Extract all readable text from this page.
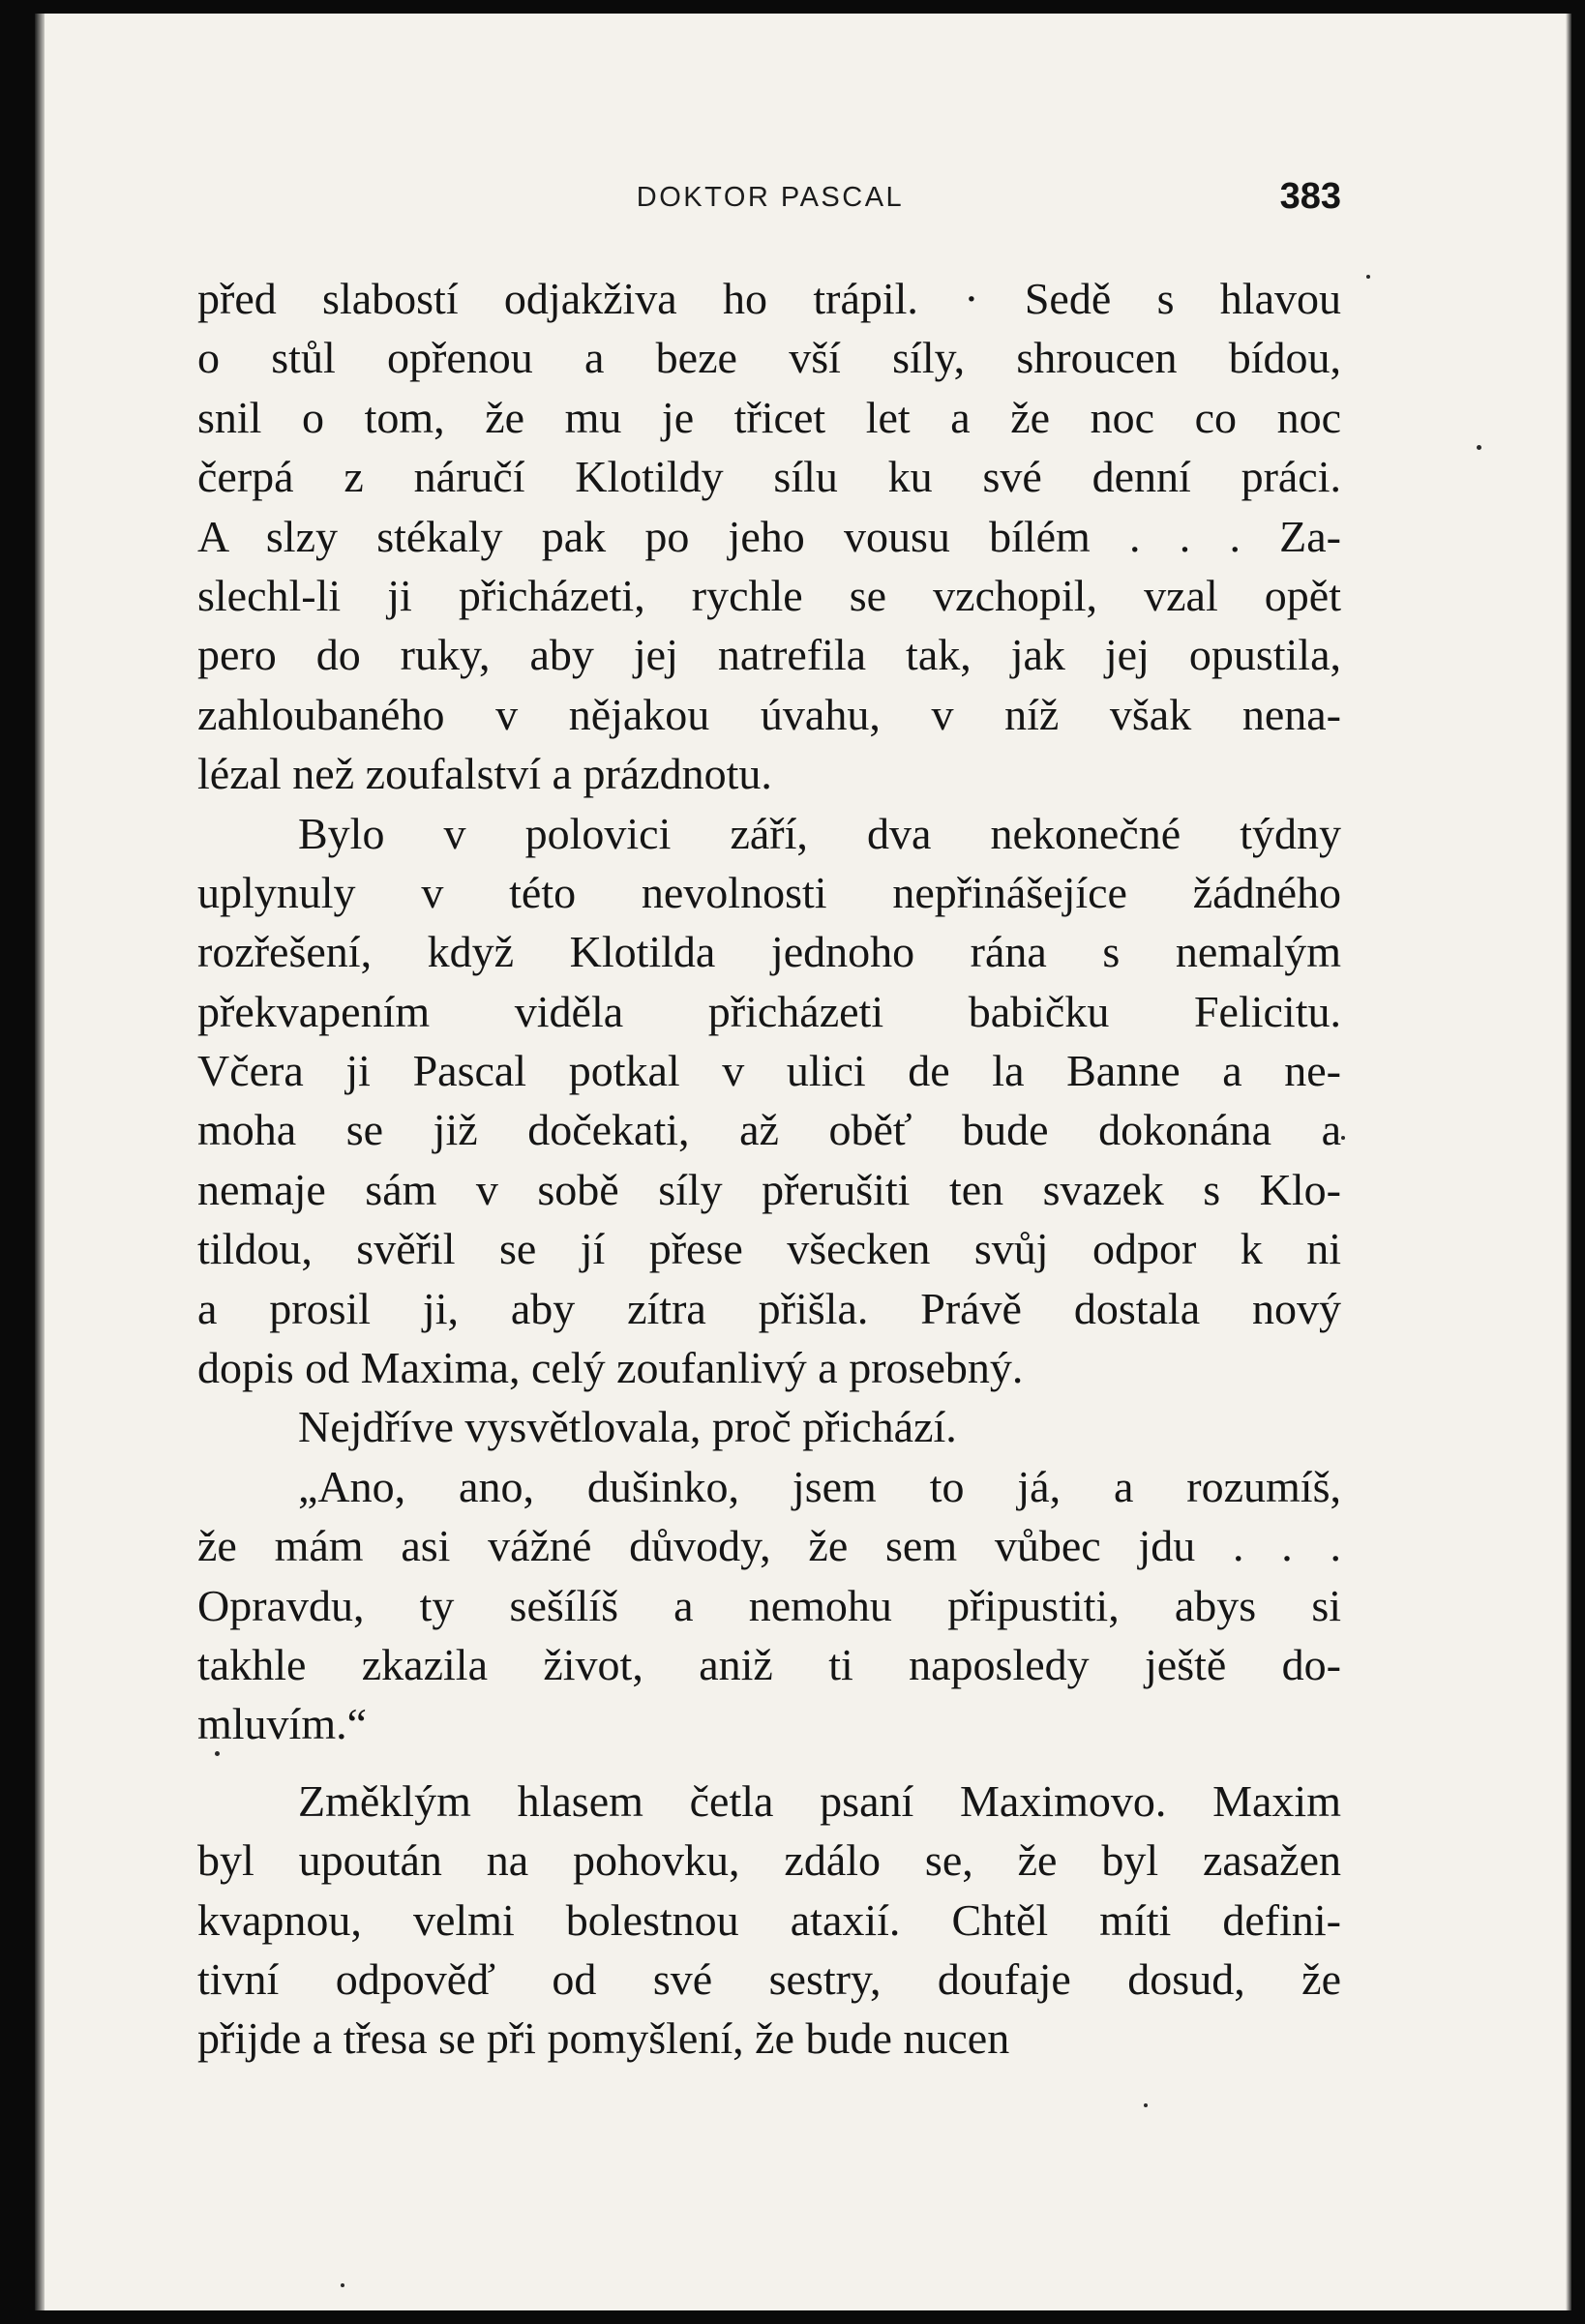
DOKTOR PASCAL	383
před slabostí odjakživa ho trápil. · Sedě s hlavou
o stůl opřenou a beze vší síly, shroucen bídou,
snil o tom, že mu je třicet let a že noc co noc
čerpá z náručí Klotildy sílu ku své denní práci.
A slzy stékaly pak po jeho vousu bílém . . . Za-
slechl-li ji přicházeti, rychle se vzchopil, vzal opět
pero do ruky, aby jej natrefila tak, jak jej opustila,
zahloubaného v nějakou úvahu, v níž však nena-
lézal než zoufalství a prázdnotu.
Bylo v polovici září, dva nekonečné týdny
uplynuly v této nevolnosti nepřinášejíce žádného
rozřešení, když Klotilda jednoho rána s nemalým
překvapením viděla přicházeti babičku Felicitu.
Včera ji Pascal potkal v ulici de la Banne a ne-
moha se již dočekati, až oběť bude dokonána a
nemaje sám v sobě síly přerušiti ten svazek s Klo-
tildou, svěřil se jí přese všecken svůj odpor k ni
a prosil ji, aby zítra přišla. Právě dostala nový
dopis od Maxima, celý zoufanlivý a prosebný.
Nejdříve vysvětlovala, proč přichází.
„Ano, ano, dušinko, jsem to já, a rozumíš,
že mám asi vážné důvody, že sem vůbec jdu . . .
Opravdu, ty sešílíš a nemohu připustiti, abys si
takhle zkazila život, aniž ti naposledy ještě do-
mluvím.“
Změklým hlasem četla psaní Maximovo. Maxim
byl upoután na pohovku, zdálo se, že byl zasažen
kvapnou, velmi bolestnou ataxií. Chtěl míti defini-
tivní odpověď od své sestry, doufaje dosud, že
přijde a třesa se při pomyšlení, že bude nucen
